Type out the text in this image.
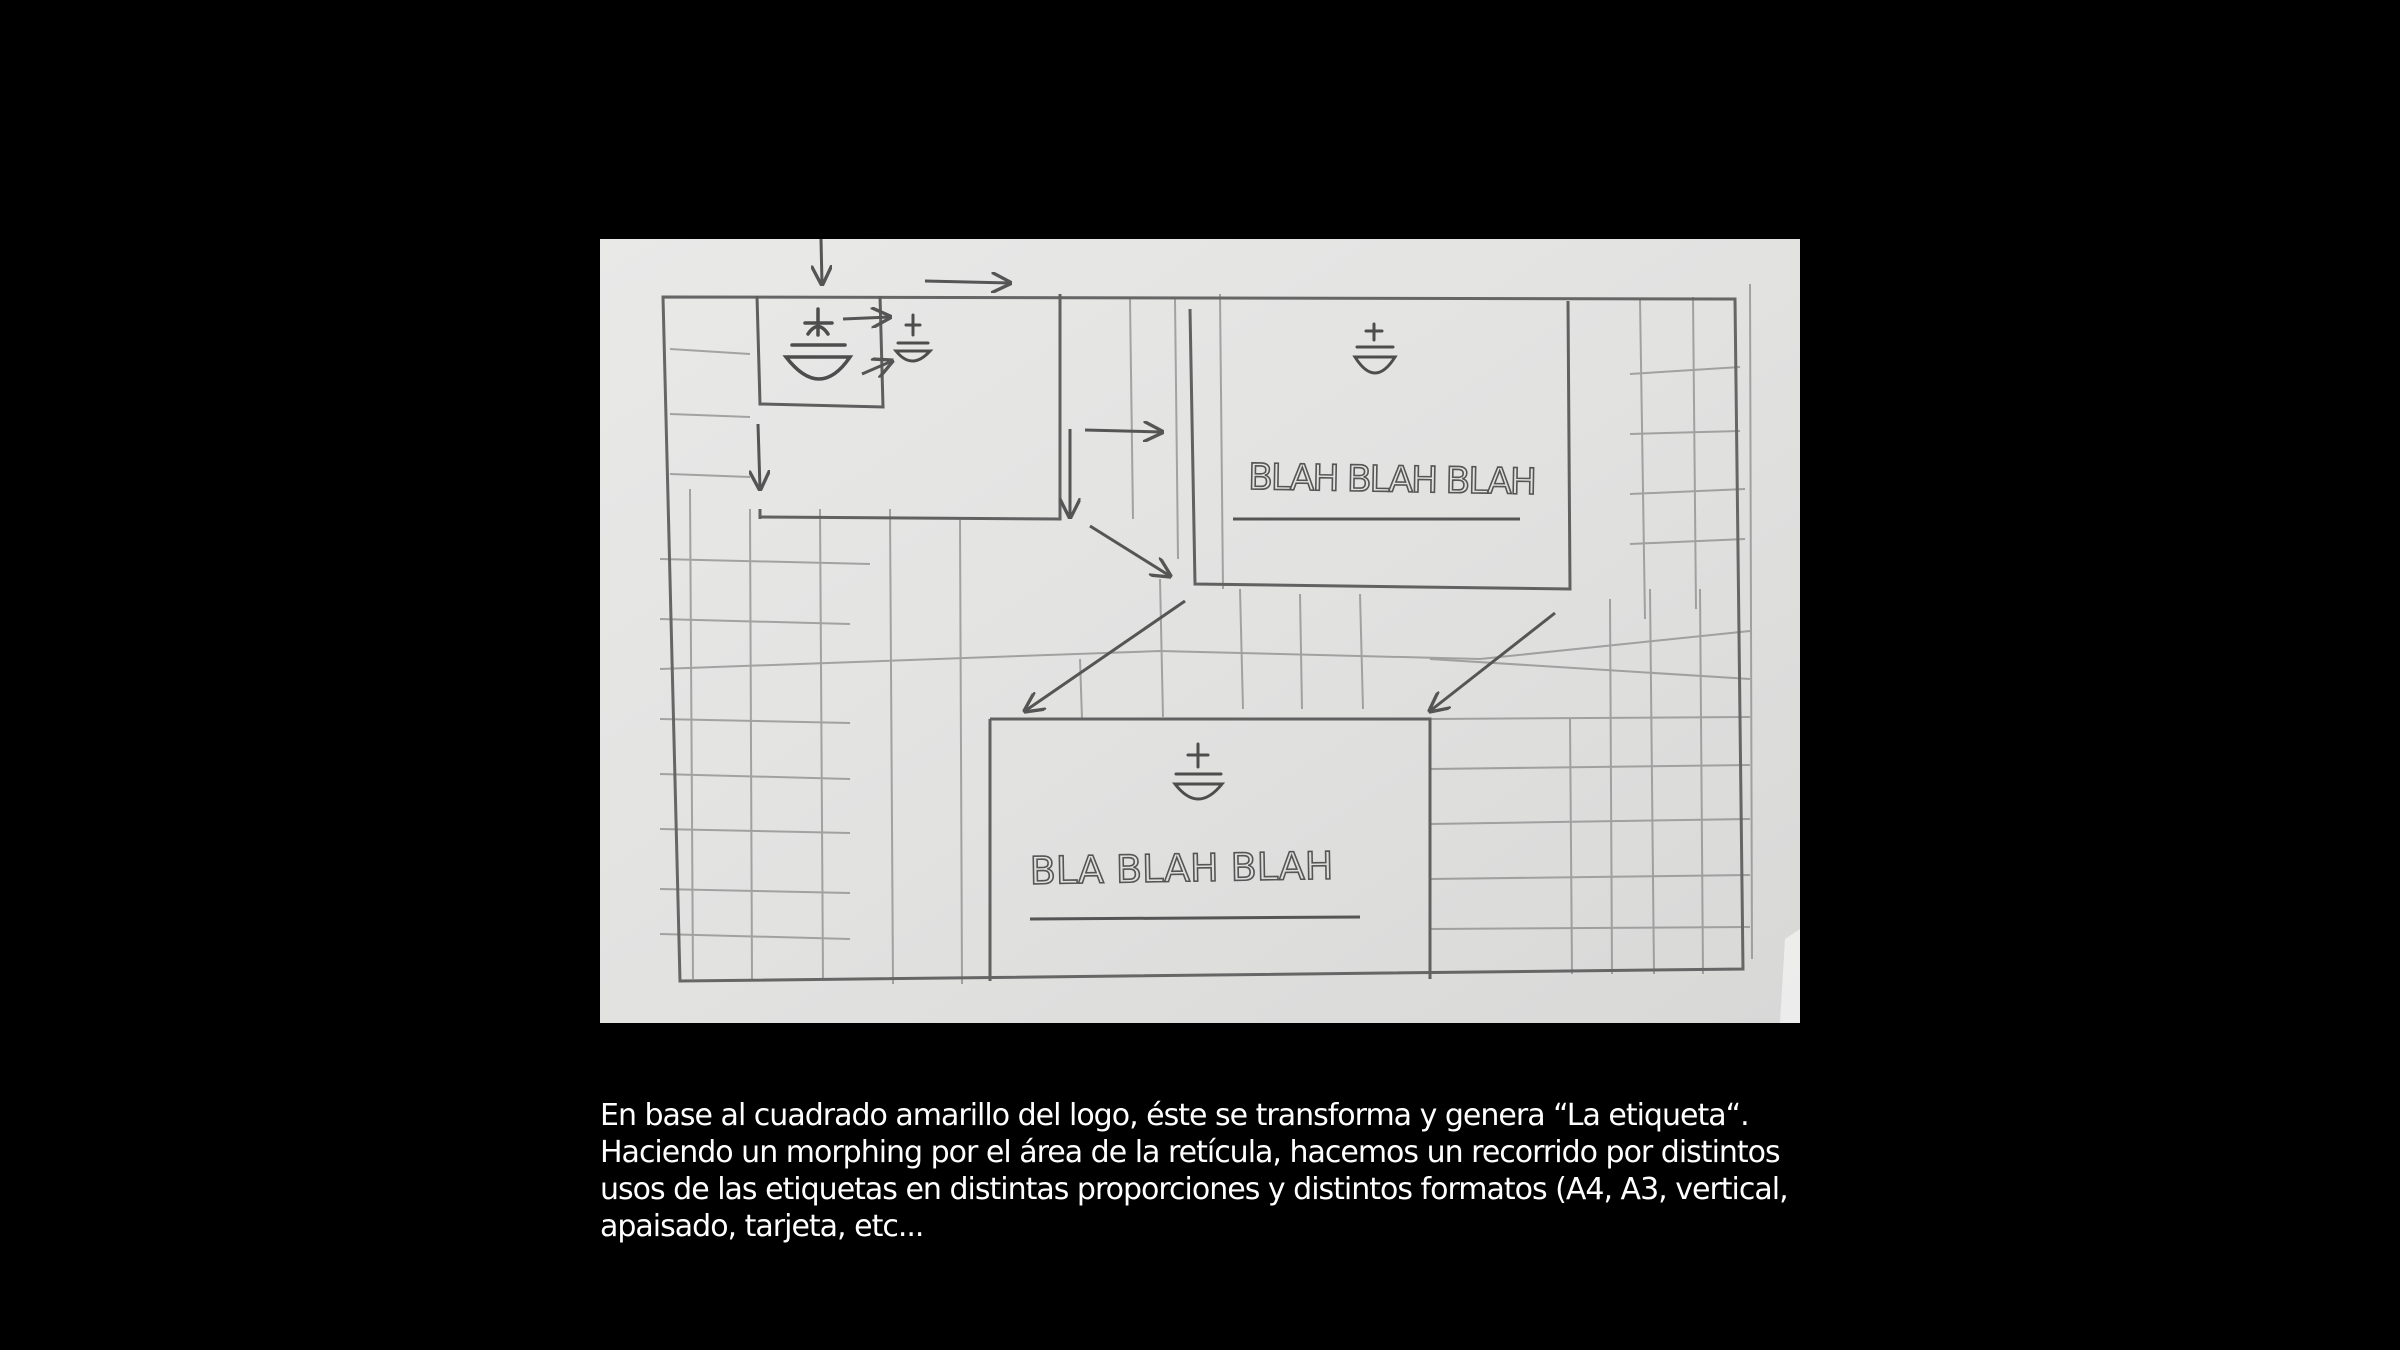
BLAH BLAH BLAH
BLA BLAH BLAH
En base al cuadrado amarillo del logo, éste se transforma y genera “La etiqueta“.
Haciendo un morphing por el área de la retícula, hacemos un recorrido por distintos
usos de las etiquetas en distintas proporciones y distintos formatos (A4, A3, vertical,
apaisado, tarjeta, etc...
